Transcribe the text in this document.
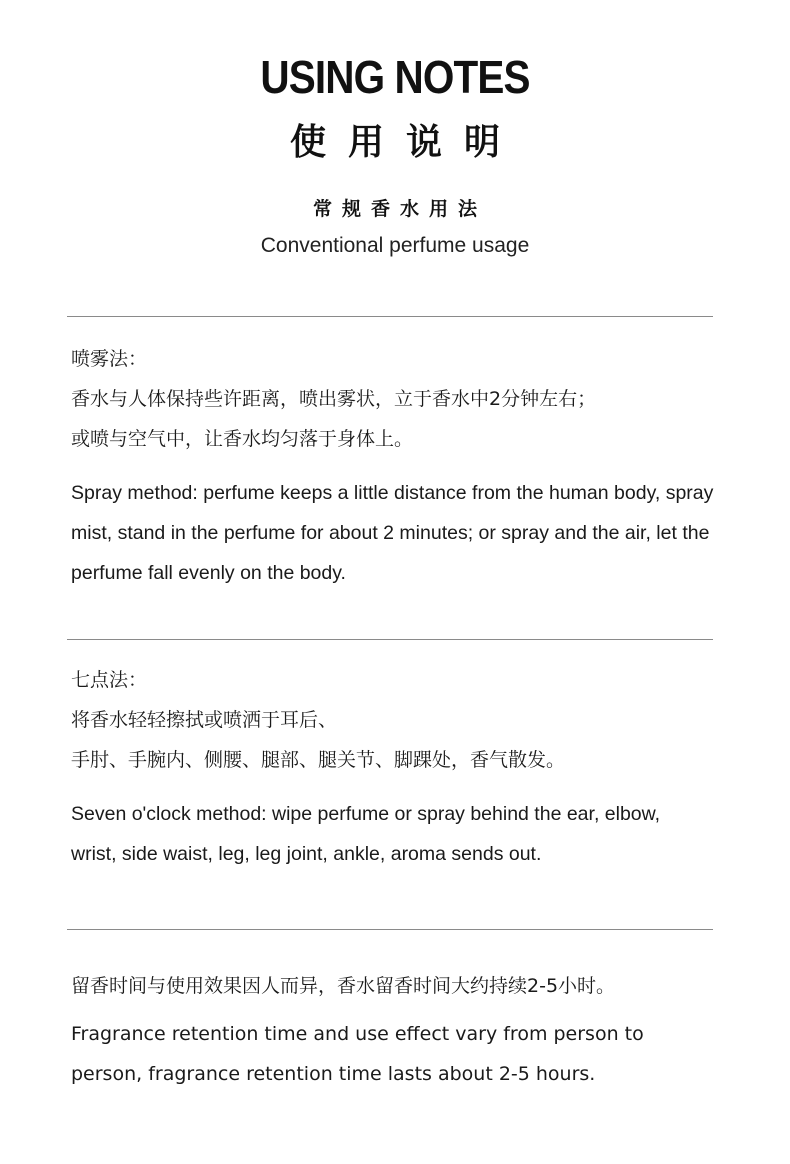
USING NOTES
使用说明
常规香水用法
Conventional perfume usage
喷雾法：
香水与人体保持些许距离，喷出雾状，立于香水中2分钟左右；
或喷与空气中，让香水均匀落于身体上。
Spray method: perfume keeps a little distance from the human body, spray mist, stand in the perfume for about 2 minutes; or spray and the air, let the perfume fall evenly on the body.
七点法：
将香水轻轻擦拭或喷洒于耳后、
手肘、手腕内、侧腰、腿部、腿关节、脚踝处，香气散发。
Seven o'clock method: wipe perfume or spray behind the ear, elbow, wrist, side waist, leg, leg joint, ankle, aroma sends out.
留香时间与使用效果因人而异，香水留香时间大约持续2-5小时。
Fragrance retention time and use effect vary from person to person, fragrance retention time lasts about 2-5 hours.
